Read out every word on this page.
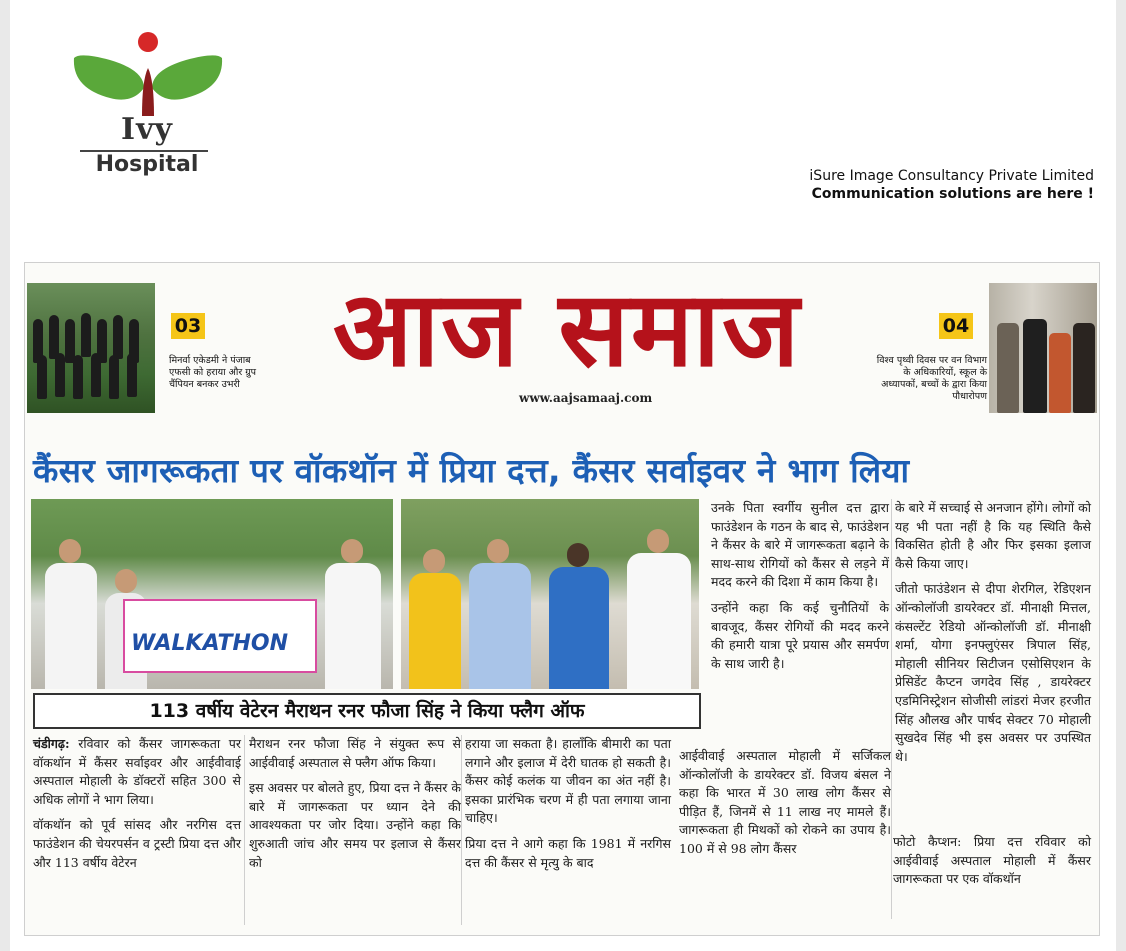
Ivy
Hospital	iSure Image Consultancy Private Limited
Communication solutions are here !
03
मिनर्वा एकेडमी ने पंजाब एफसी को हराया और ग्रुप चैंपियन बनकर उभरी आज समाज
www.aajsamaaj.com
04
विश्व पृथ्वी दिवस पर वन विभाग के अधिकारियों, स्कूल के अध्यापकों, बच्चों के द्वारा किया पौधारोपण
कैंसर जागरूकता पर वॉकथॉन में प्रिया दत्त, कैंसर सर्वाइवर ने भाग लिया
WALKATHON
113 वर्षीय वेटेरन मैराथन रनर फौजा सिंह ने किया फ्लैग ऑफ

चंडीगढ़: रविवार को कैंसर जागरूकता पर वॉकथॉन में कैंसर सर्वाइवर और आईवीवाई अस्पताल मोहाली के डॉक्टरों सहित 300 से अधिक लोगों ने भाग लिया।

वॉकथॉन को पूर्व सांसद और नरगिस दत्त फाउंडेशन की चेयरपर्सन व ट्रस्टी प्रिया दत्त और और 113 वर्षीय वेटेरन

मैराथन रनर फौजा सिंह ने संयुक्त रूप से आईवीवाई अस्पताल से फ्लैग ऑफ किया।

इस अवसर पर बोलते हुए, प्रिया दत्त ने कैंसर के बारे में जागरूकता पर ध्यान देने की आवश्यकता पर जोर दिया। उन्होंने कहा कि शुरुआती जांच और समय पर इलाज से कैंसर को

हराया जा सकता है। हालाँकि बीमारी का पता लगाने और इलाज में देरी घातक हो सकती है। कैंसर कोई कलंक या जीवन का अंत नहीं है। इसका प्रारंभिक चरण में ही पता लगाया जाना चाहिए।

प्रिया दत्त ने आगे कहा कि 1981 में नरगिस दत्त की कैंसर से मृत्यु के बाद

उनके पिता स्वर्गीय सुनील दत्त द्वारा फाउंडेशन के गठन के बाद से, फाउंडेशन ने कैंसर के बारे में जागरूकता बढ़ाने के साथ-साथ रोगियों को कैंसर से लड़ने में मदद करने की दिशा में काम किया है।

उन्होंने कहा कि कई चुनौतियों के बावजूद, कैंसर रोगियों की मदद करने की हमारी यात्रा पूरे प्रयास और समर्पण के साथ जारी है।

आईवीवाई अस्पताल मोहाली में सर्जिकल ऑन्कोलॉजी के डायरेक्टर डॉ. विजय बंसल ने कहा कि भारत में 30 लाख लोग कैंसर से पीड़ित हैं, जिनमें से 11 लाख नए मामले हैं। जागरूकता ही मिथकों को रोकने का उपाय है। 100 में से 98 लोग कैंसर

के बारे में सच्चाई से अनजान होंगे। लोगों को यह भी पता नहीं है कि यह स्थिति कैसे विकसित होती है और फिर इसका इलाज कैसे किया जाए।

जीतो फाउंडेशन से दीपा शेरगिल, रेडिएशन ऑन्कोलॉजी डायरेक्टर डॉ. मीनाक्षी मित्तल, कंसल्टेंट रेडियो ऑन्कोलॉजी डॉ. मीनाक्षी शर्मा, योगा इनफ्लुएंसर त्रिपाल सिंह, मोहाली सीनियर सिटीजन एसोसिएशन के प्रेसिडेंट कैप्टन जगदेव सिंह , डायरेक्टर एडमिनिस्ट्रेशन सोजीसी लांडरां मेजर हरजीत सिंह औलख और पार्षद सेक्टर 70 मोहाली सुखदेव सिंह भी इस अवसर पर उपस्थित थे।

फोटो कैप्शन: प्रिया दत्त रविवार को आईवीवाई अस्पताल मोहाली में कैंसर जागरूकता पर एक वॉकथॉन
